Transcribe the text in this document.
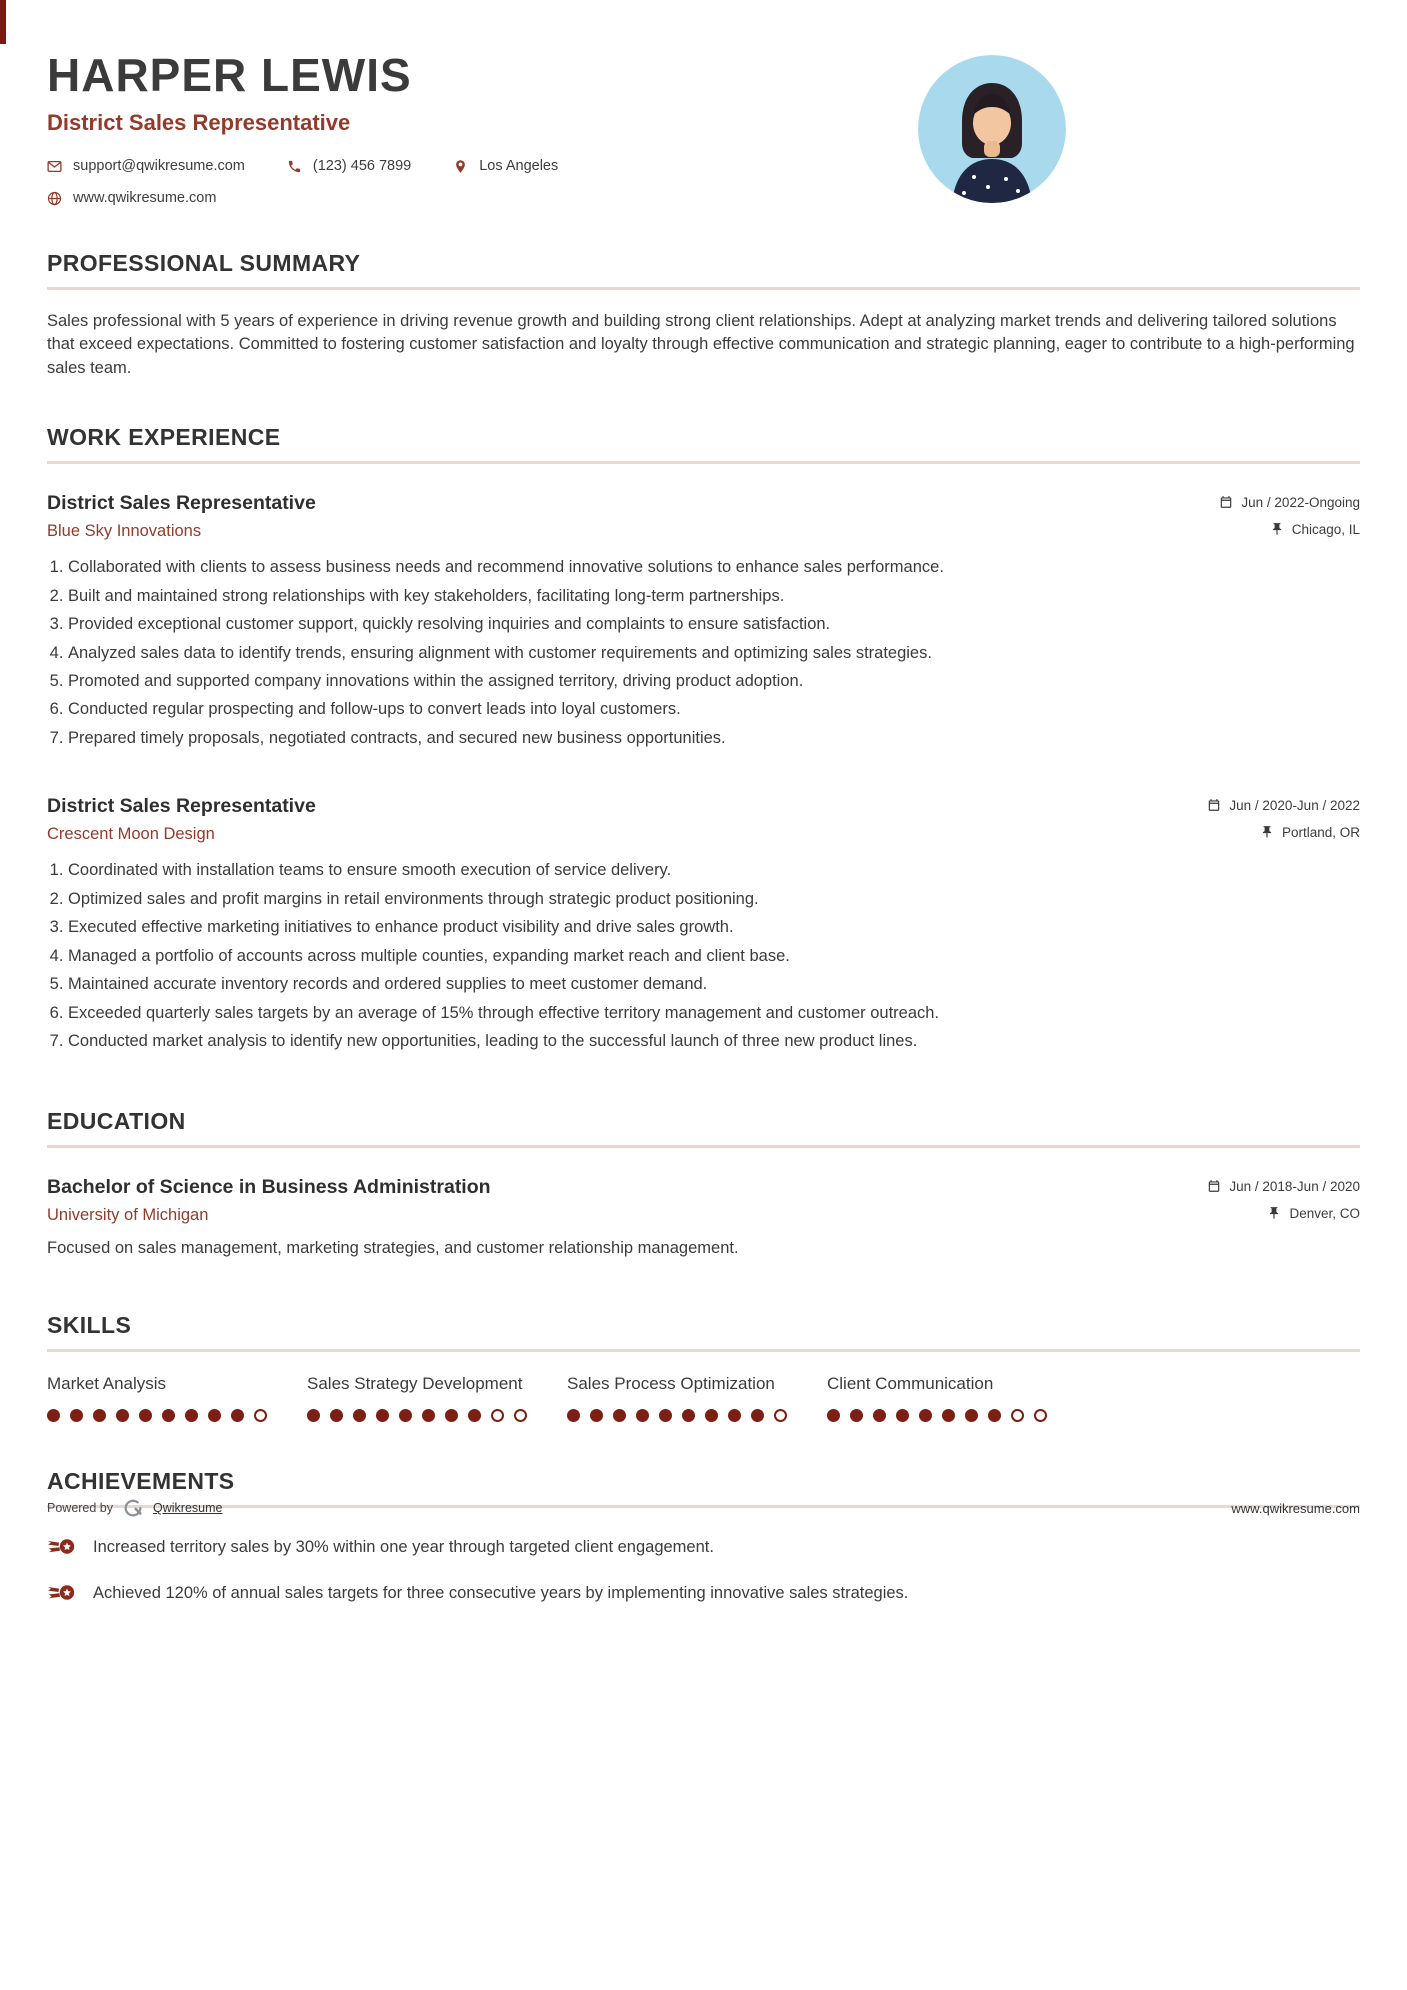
HARPER LEWIS
District Sales Representative
support@qwikresume.com	(123) 456 7899	Los Angeles
www.qwikresume.com
PROFESSIONAL SUMMARY

Sales professional with 5 years of experience in driving revenue growth and building strong client relationships. Adept at analyzing market trends and delivering tailored solutions that exceed expectations. Committed to fostering customer satisfaction and loyalty through effective communication and strategic planning, eager to contribute to a high-performing sales team.

WORK EXPERIENCE
District Sales Representative	Jun / 2022-Ongoing
Blue Sky Innovations	Chicago, IL
1. Collaborated with clients to assess business needs and recommend innovative solutions to enhance sales performance.
2. Built and maintained strong relationships with key stakeholders, facilitating long-term partnerships.
3. Provided exceptional customer support, quickly resolving inquiries and complaints to ensure satisfaction.
4. Analyzed sales data to identify trends, ensuring alignment with customer requirements and optimizing sales strategies.
5. Promoted and supported company innovations within the assigned territory, driving product adoption.
6. Conducted regular prospecting and follow-ups to convert leads into loyal customers.
7. Prepared timely proposals, negotiated contracts, and secured new business opportunities.
District Sales Representative	Jun / 2020-Jun / 2022
Crescent Moon Design	Portland, OR
1. Coordinated with installation teams to ensure smooth execution of service delivery.
2. Optimized sales and profit margins in retail environments through strategic product positioning.
3. Executed effective marketing initiatives to enhance product visibility and drive sales growth.
4. Managed a portfolio of accounts across multiple counties, expanding market reach and client base.
5. Maintained accurate inventory records and ordered supplies to meet customer demand.
6. Exceeded quarterly sales targets by an average of 15% through effective territory management and customer outreach.
7. Conducted market analysis to identify new opportunities, leading to the successful launch of three new product lines.
EDUCATION
Bachelor of Science in Business Administration	Jun / 2018-Jun / 2020
University of Michigan	Denver, CO

Focused on sales management, marketing strategies, and customer relationship management.

SKILLS
Market Analysis	Sales Strategy Development	Sales Process Optimization	Client Communication
ACHIEVEMENTS
Increased territory sales by 30% within one year through targeted client engagement.
Achieved 120% of annual sales targets for three consecutive years by implementing innovative sales strategies.
Powered by	Qwikresume	www.qwikresume.com
